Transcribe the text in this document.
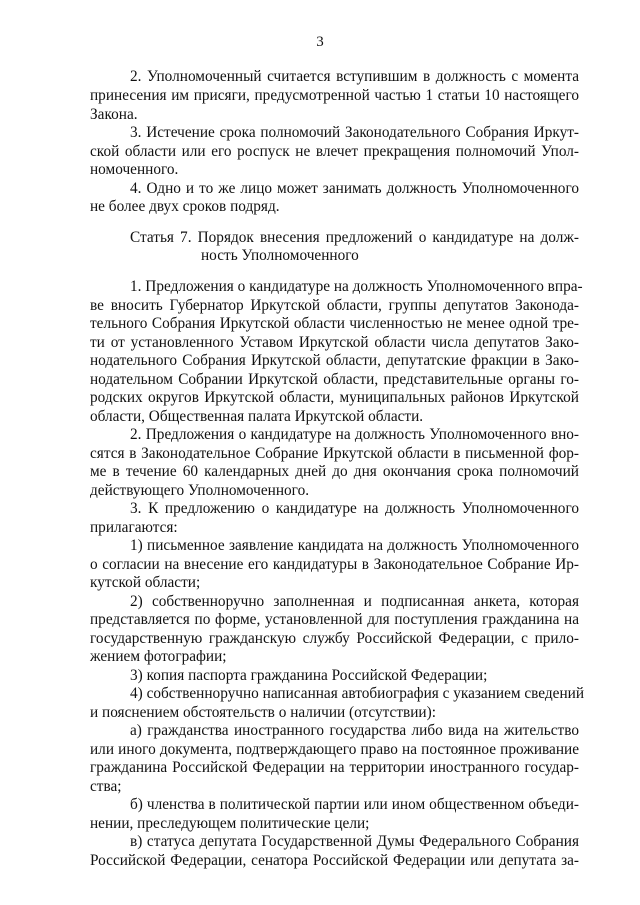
3
2. Уполномоченный считается вступившим в должность с момента
принесения им присяги, предусмотренной частью 1 статьи 10 настоящего
Закона.
3. Истечение срока полномочий Законодательного Собрания Иркут-
ской области или его роспуск не влечет прекращения полномочий Упол-
номоченного.
4. Одно и то же лицо может занимать должность Уполномоченного
не более двух сроков подряд.
Статья 7. Порядок внесения предложений о кандидатуре на долж-
ность Уполномоченного
1. Предложения о кандидатуре на должность Уполномоченного впра-
ве вносить Губернатор Иркутской области, группы депутатов Законода-
тельного Собрания Иркутской области численностью не менее одной тре-
ти от установленного Уставом Иркутской области числа депутатов Зако-
нодательного Собрания Иркутской области, депутатские фракции в Зако-
нодательном Собрании Иркутской области, представительные органы го-
родских округов Иркутской области, муниципальных районов Иркутской
области, Общественная палата Иркутской области.
2. Предложения о кандидатуре на должность Уполномоченного вно-
сятся в Законодательное Собрание Иркутской области в письменной фор-
ме в течение 60 календарных дней до дня окончания срока полномочий
действующего Уполномоченного.
3. К предложению о кандидатуре на должность Уполномоченного
прилагаются:
1) письменное заявление кандидата на должность Уполномоченного
о согласии на внесение его кандидатуры в Законодательное Собрание Ир-
кутской области;
2) собственноручно заполненная и подписанная анкета, которая
представляется по форме, установленной для поступления гражданина на
государственную гражданскую службу Российской Федерации, с прило-
жением фотографии;
3) копия паспорта гражданина Российской Федерации;
4) собственноручно написанная автобиография с указанием сведений
и пояснением обстоятельств о наличии (отсутствии):
а) гражданства иностранного государства либо вида на жительство
или иного документа, подтверждающего право на постоянное проживание
гражданина Российской Федерации на территории иностранного государ-
ства;
б) членства в политической партии или ином общественном объеди-
нении, преследующем политические цели;
в) статуса депутата Государственной Думы Федерального Собрания
Российской Федерации, сенатора Российской Федерации или депутата за-
